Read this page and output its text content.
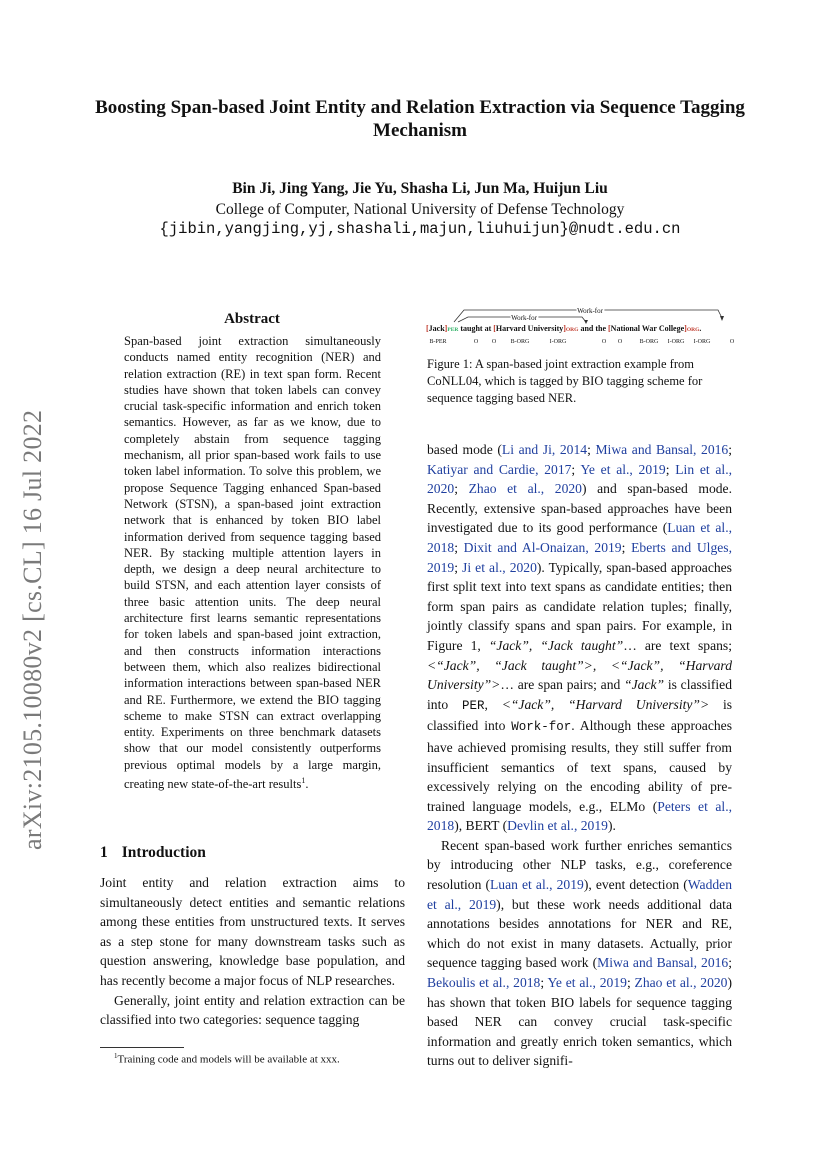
Boosting Span-based Joint Entity and Relation Extraction via Sequence Tagging Mechanism
Bin Ji, Jing Yang, Jie Yu, Shasha Li, Jun Ma, Huijun Liu
College of Computer, National University of Defense Technology
{jibin,yangjing,yj,shashali,majun,liuhuijun}@nudt.edu.cn
arXiv:2105.10080v2 [cs.CL] 16 Jul 2022
Abstract
Span-based joint extraction simultaneously conducts named entity recognition (NER) and relation extraction (RE) in text span form. Recent studies have shown that token labels can convey crucial task-specific information and enrich token semantics. However, as far as we know, due to completely abstain from sequence tagging mechanism, all prior span-based work fails to use token label information. To solve this problem, we propose Sequence Tagging enhanced Span-based Network (STSN), a span-based joint extraction network that is enhanced by token BIO label information derived from sequence tagging based NER. By stacking multiple attention layers in depth, we design a deep neural architecture to build STSN, and each attention layer consists of three basic attention units. The deep neural architecture first learns semantic representations for token labels and span-based joint extraction, and then constructs information interactions between them, which also realizes bidirectional information interactions between span-based NER and RE. Furthermore, we extend the BIO tagging scheme to make STSN can extract overlapping entity. Experiments on three benchmark datasets show that our model consistently outperforms previous optimal models by a large margin, creating new state-of-the-art results$^1$.
1 Introduction

Joint entity and relation extraction aims to simultaneously detect entities and semantic relations among these entities from unstructured texts. It serves as a step stone for many downstream tasks such as question answering, knowledge base population, and has recently become a major focus of NLP researches.

Generally, joint entity and relation extraction can be classified into two categories: sequence tagging

$^1$Training code and models will be available at xxx.
Work-for
Work-for
[Jack]PER taught at [Harvard University]ORG and the [National War College]ORG.
B-PER	O O B-ORG	I-ORG	O O	B-ORG I-ORG I-ORG	O
Figure 1: A span-based joint extraction example from CoNLL04, which is tagged by BIO tagging scheme for sequence tagging based NER.

based mode (Li and Ji, 2014; Miwa and Bansal, 2016; Katiyar and Cardie, 2017; Ye et al., 2019; Lin et al., 2020; Zhao et al., 2020) and span-based mode. Recently, extensive span-based approaches have been investigated due to its good performance (Luan et al., 2018; Dixit and Al-Onaizan, 2019; Eberts and Ulges, 2019; Ji et al., 2020). Typically, span-based approaches first split text into text spans as candidate entities; then form span pairs as candidate relation tuples; finally, jointly classify spans and span pairs. For example, in Figure 1, “Jack”, “Jack taught”… are text spans; <“Jack”, “Jack taught”>, <“Jack”, “Harvard University”>… are span pairs; and “Jack” is classified into PER, <“Jack”, “Harvard University”> is classified into Work-for. Although these approaches have achieved promising results, they still suffer from insufficient semantics of text spans, caused by excessively relying on the encoding ability of pre-trained language models, e.g., ELMo (Peters et al., 2018), BERT (Devlin et al., 2019).

Recent span-based work further enriches semantics by introducing other NLP tasks, e.g., coreference resolution (Luan et al., 2019), event detection (Wadden et al., 2019), but these work needs additional data annotations besides annotations for NER and RE, which do not exist in many datasets. Actually, prior sequence tagging based work (Miwa and Bansal, 2016; Bekoulis et al., 2018; Ye et al., 2019; Zhao et al., 2020) has shown that token BIO labels for sequence tagging based NER can convey crucial task-specific information and greatly enrich token semantics, which turns out to deliver signifi-
